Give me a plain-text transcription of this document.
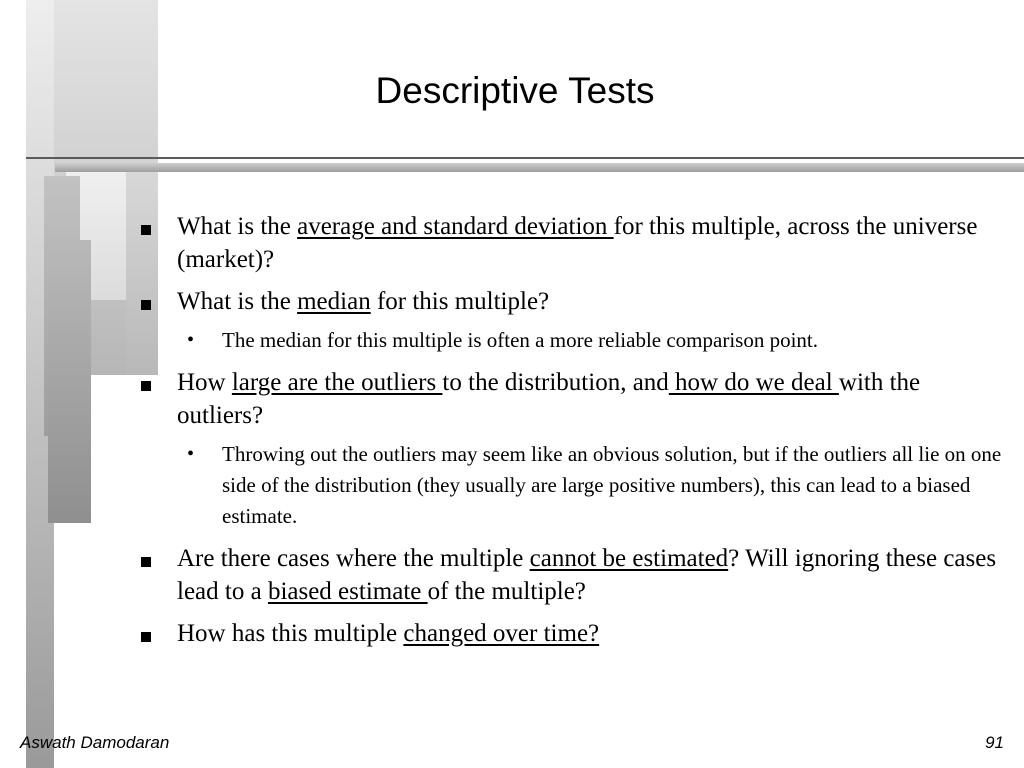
Descriptive Tests
What is the average and standard deviation for this multiple, across the universe (market)?
What is the median for this multiple?
• The median for this multiple is often a more reliable comparison point.
How large are the outliers to the distribution, and how do we deal with the outliers?
• Throwing out the outliers may seem like an obvious solution, but if the outliers all lie on one side of the distribution (they usually are large positive numbers), this can lead to a biased estimate.
Are there cases where the multiple cannot be estimated? Will ignoring these cases lead to a biased estimate of the multiple?
How has this multiple changed over time?
Aswath Damodaran	91
